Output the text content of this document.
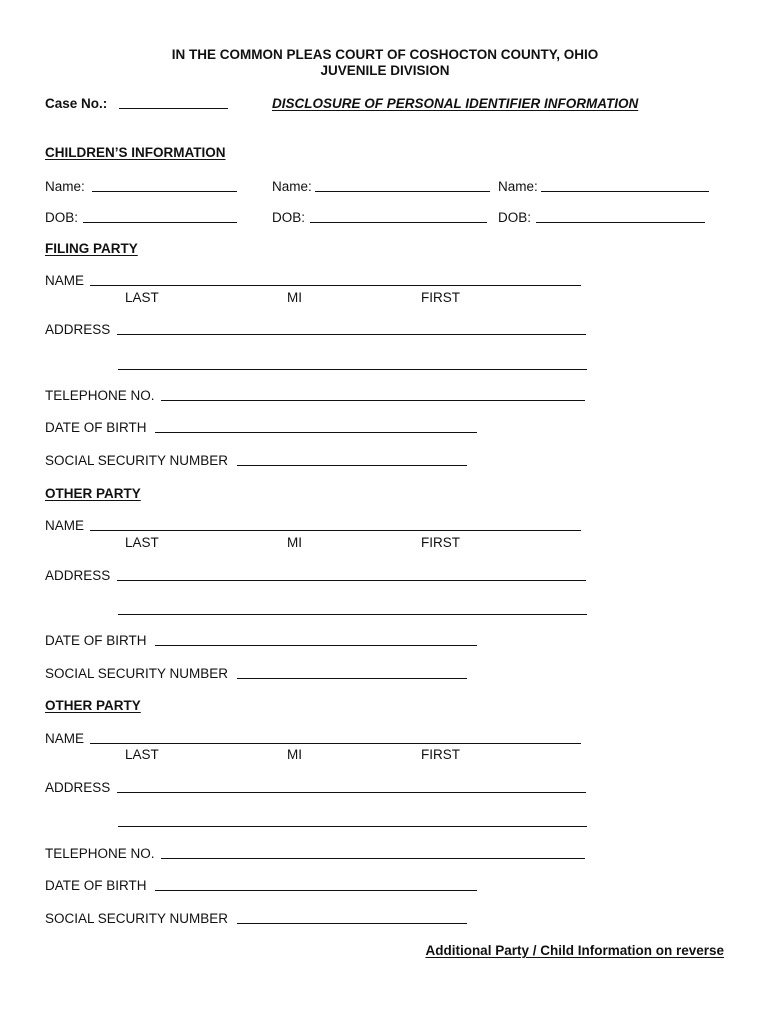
IN THE COMMON PLEAS COURT OF COSHOCTON COUNTY, OHIO
JUVENILE DIVISION
Case No.:	DISCLOSURE OF PERSONAL IDENTIFIER INFORMATION
CHILDREN’S INFORMATION
Name:	Name:	Name:
DOB:	DOB:	DOB:
FILING PARTY
NAME
LAST	MI	FIRST
ADDRESS
TELEPHONE NO.
DATE OF BIRTH
SOCIAL SECURITY NUMBER
OTHER PARTY
NAME
LAST	MI	FIRST
ADDRESS
DATE OF BIRTH
SOCIAL SECURITY NUMBER
OTHER PARTY
NAME
LAST	MI	FIRST
ADDRESS
TELEPHONE NO.
DATE OF BIRTH
SOCIAL SECURITY NUMBER
Additional Party / Child Information on reverse
